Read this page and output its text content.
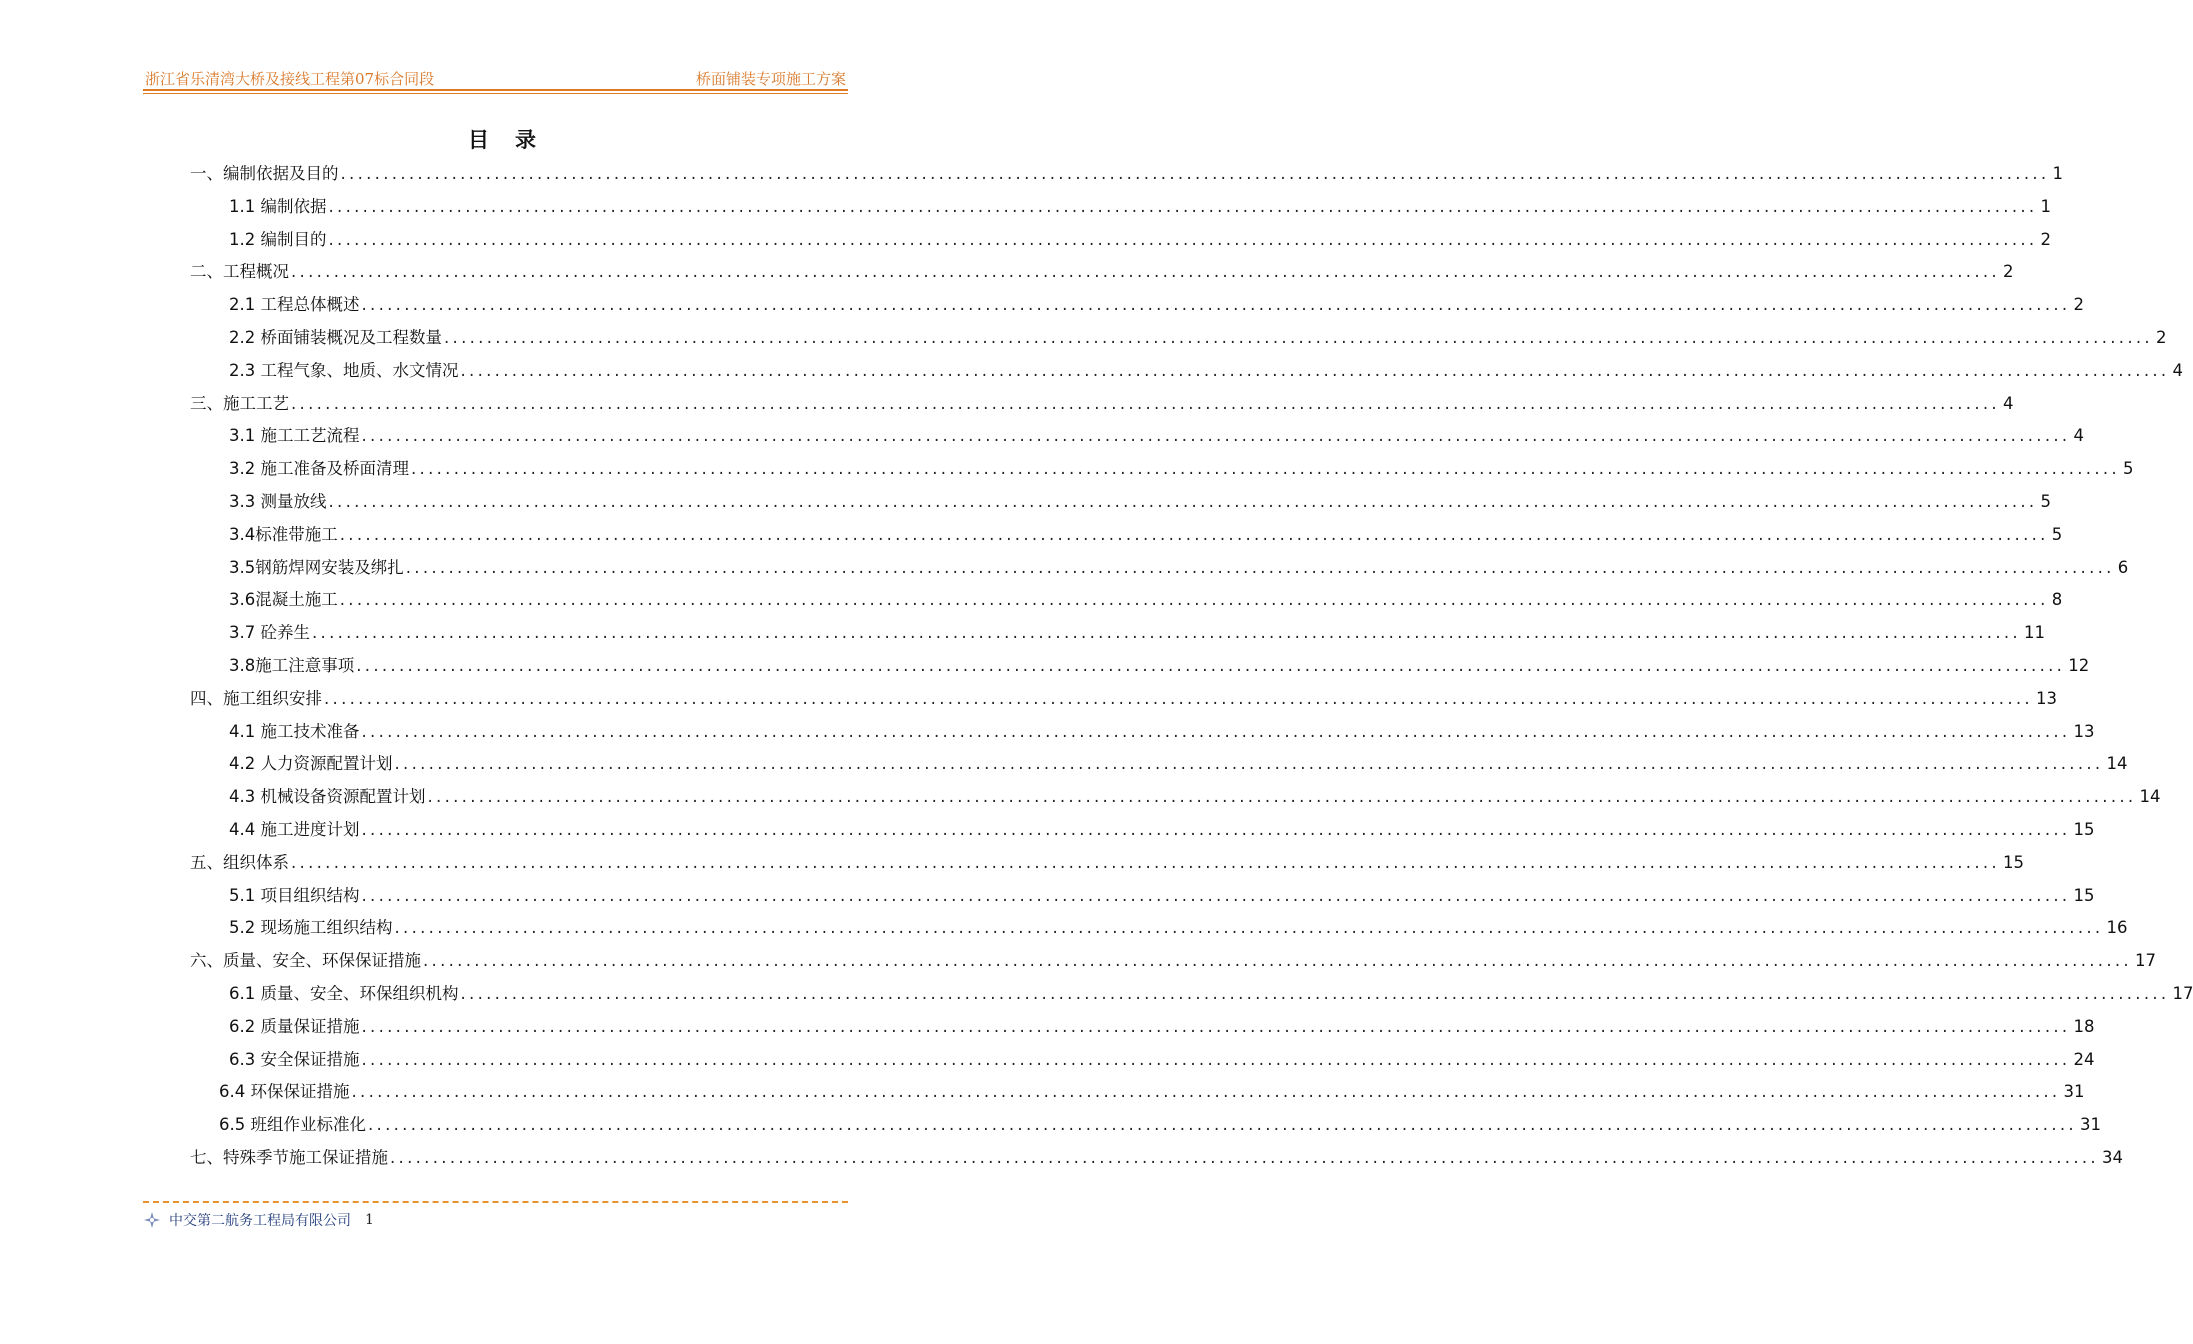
浙江省乐清湾大桥及接线工程第07标合同段	桥面铺装专项施工方案
目录
一、编制依据及目的 ........................................................................................................................................................................................................ 1
1.1 编制依据 ........................................................................................................................................................................................................ 1
1.2 编制目的 ........................................................................................................................................................................................................ 2
二、工程概况 ........................................................................................................................................................................................................ 2
2.1 工程总体概述 ........................................................................................................................................................................................................ 2
2.2 桥面铺装概况及工程数量 ........................................................................................................................................................................................................ 2
2.3 工程气象、地质、水文情况 ........................................................................................................................................................................................................ 4
三、施工工艺 ........................................................................................................................................................................................................ 4
3.1 施工工艺流程 ........................................................................................................................................................................................................ 4
3.2 施工准备及桥面清理 ........................................................................................................................................................................................................ 5
3.3 测量放线 ........................................................................................................................................................................................................ 5
3.4标准带施工 ........................................................................................................................................................................................................ 5
3.5钢筋焊网安装及绑扎 ........................................................................................................................................................................................................ 6
3.6混凝土施工 ........................................................................................................................................................................................................ 8
3.7 砼养生 ........................................................................................................................................................................................................ 11
3.8施工注意事项 ........................................................................................................................................................................................................ 12
四、施工组织安排 ........................................................................................................................................................................................................ 13
4.1 施工技术准备 ........................................................................................................................................................................................................ 13
4.2 人力资源配置计划 ........................................................................................................................................................................................................ 14
4.3 机械设备资源配置计划 ........................................................................................................................................................................................................ 14
4.4 施工进度计划 ........................................................................................................................................................................................................ 15
五、组织体系 ........................................................................................................................................................................................................ 15
5.1 项目组织结构 ........................................................................................................................................................................................................ 15
5.2 现场施工组织结构 ........................................................................................................................................................................................................ 16
六、质量、安全、环保保证措施 ........................................................................................................................................................................................................ 17
6.1 质量、安全、环保组织机构 ........................................................................................................................................................................................................ 17
6.2 质量保证措施 ........................................................................................................................................................................................................ 18
6.3 安全保证措施 ........................................................................................................................................................................................................ 24
6.4 环保保证措施 ........................................................................................................................................................................................................ 31
6.5 班组作业标准化 ........................................................................................................................................................................................................ 31
七、特殊季节施工保证措施 ........................................................................................................................................................................................................ 34
中交第二航务工程局有限公司 1
